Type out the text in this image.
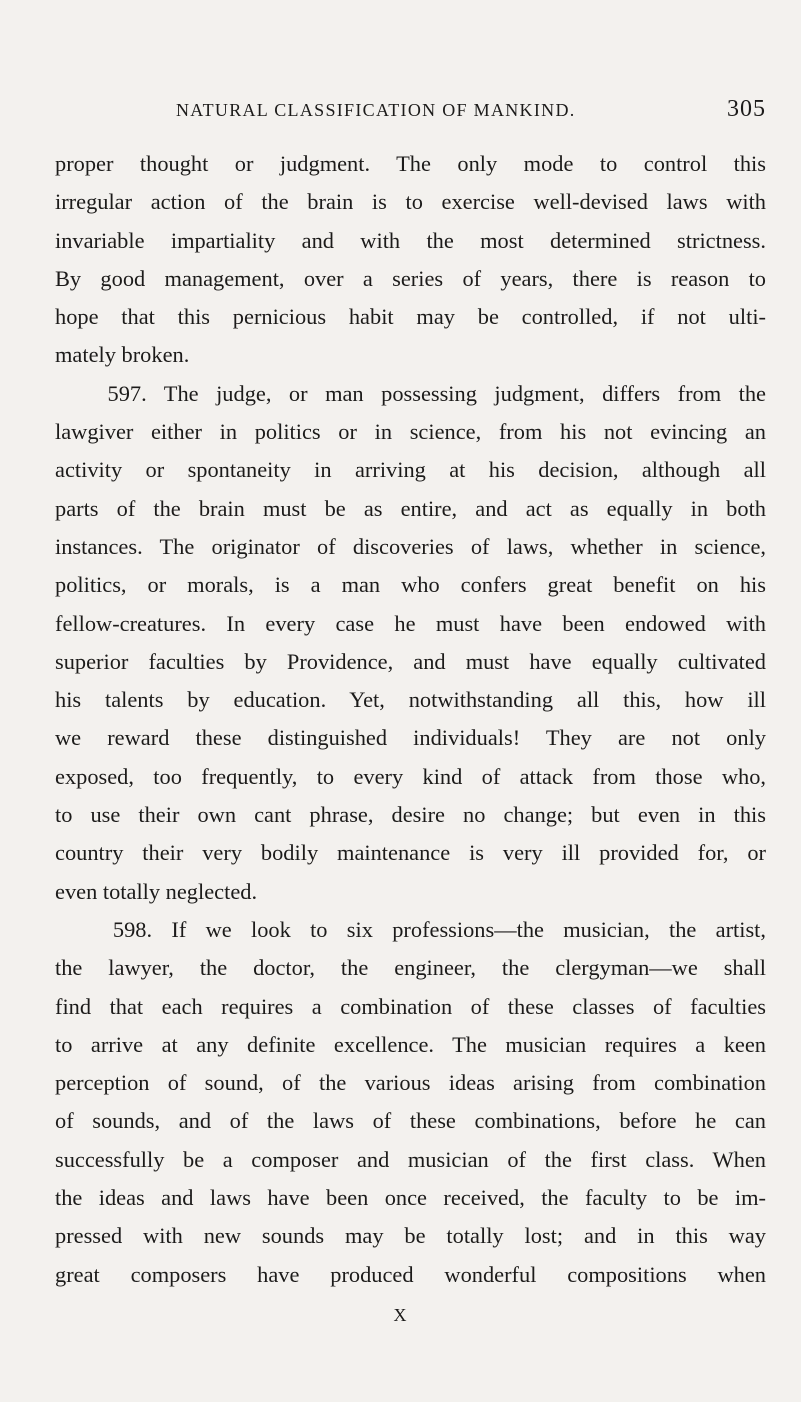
NATURAL CLASSIFICATION OF MANKIND.	305
proper thought or judgment. The only mode to control this
irregular action of the brain is to exercise well-devised laws with
invariable impartiality and with the most determined strictness.
By good management, over a series of years, there is reason to
hope that this pernicious habit may be controlled, if not ulti-
mately broken.
597. The judge, or man possessing judgment, differs from the
lawgiver either in politics or in science, from his not evincing an
activity or spontaneity in arriving at his decision, although all
parts of the brain must be as entire, and act as equally in both
instances. The originator of discoveries of laws, whether in science,
politics, or morals, is a man who confers great benefit on his
fellow-creatures. In every case he must have been endowed with
superior faculties by Providence, and must have equally cultivated
his talents by education. Yet, notwithstanding all this, how ill
we reward these distinguished individuals! They are not only
exposed, too frequently, to every kind of attack from those who,
to use their own cant phrase, desire no change; but even in this
country their very bodily maintenance is very ill provided for, or
even totally neglected.
598. If we look to six professions—the musician, the artist,
the lawyer, the doctor, the engineer, the clergyman—we shall
find that each requires a combination of these classes of faculties
to arrive at any definite excellence. The musician requires a keen
perception of sound, of the various ideas arising from combination
of sounds, and of the laws of these combinations, before he can
successfully be a composer and musician of the first class. When
the ideas and laws have been once received, the faculty to be im-
pressed with new sounds may be totally lost; and in this way
great composers have produced wonderful compositions when
X
